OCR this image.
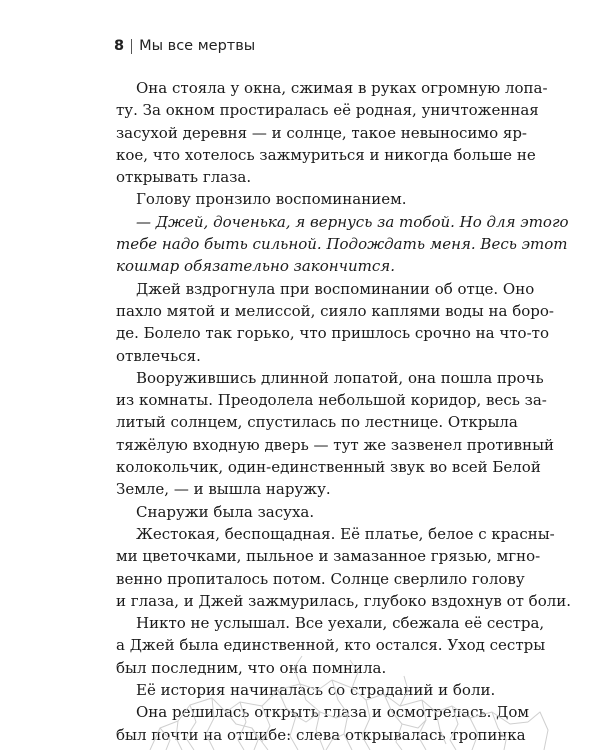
8 Мы все мертвы
Она стояла у окна, сжимая в руках огромную лопа-
ту. За окном простиралась её родная, уничтоженная
засухой деревня — и солнце, такое невыносимо яр-
кое, что хотелось зажмуриться и никогда больше не
открывать глаза.
Голову пронзило воспоминанием.
— Джей, доченька, я вернусь за тобой. Но для этого
тебе надо быть сильной. Подождать меня. Весь этот
кошмар обязательно закончится.
Джей вздрогнула при воспоминании об отце. Оно
пахло мятой и мелиссой, сияло каплями воды на боро-
де. Болело так горько, что пришлось срочно на что-то
отвлечься.
Вооружившись длинной лопатой, она пошла прочь
из комнаты. Преодолела небольшой коридор, весь за-
литый солнцем, спустилась по лестнице. Открыла
тяжёлую входную дверь — тут же зазвенел противный
колокольчик, один-единственный звук во всей Белой
Земле, — и вышла наружу.
Снаружи была засуха.
Жестокая, беспощадная. Её платье, белое с красны-
ми цветочками, пыльное и замазанное грязью, мгно-
венно пропиталось потом. Солнце сверлило голову
и глаза, и Джей зажмурилась, глубоко вздохнув от боли.
Никто не услышал. Все уехали, сбежала её сестра,
а Джей была единственной, кто остался. Уход сестры
был последним, что она помнила.
Её история начиналась со страданий и боли.
Она решилась открыть глаза и осмотрелась. Дом
был почти на отшибе: слева открывалась тропинка
